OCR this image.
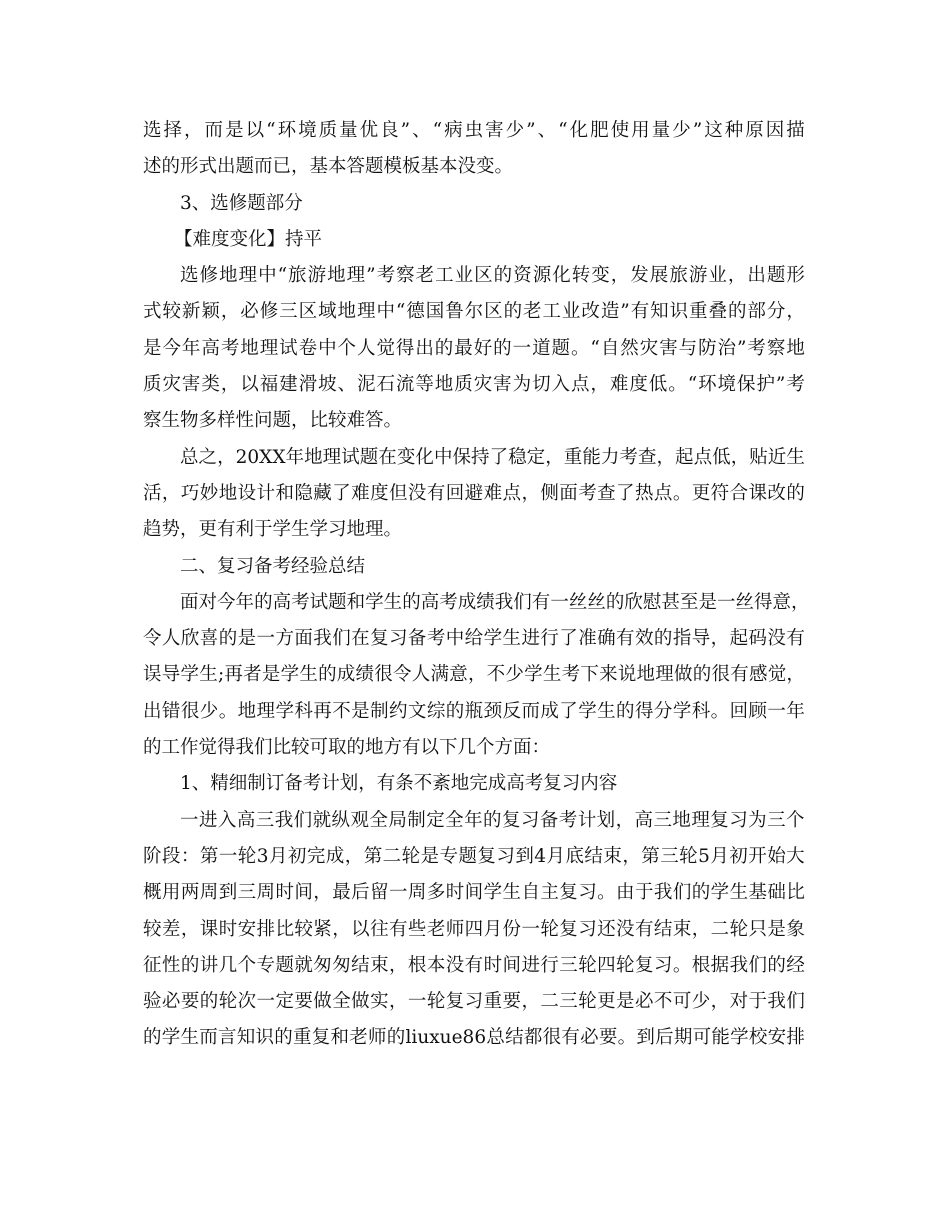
选 择 ， 而 是 以 “ 环 境 质 量 优 良 ” 、 “ 病 虫 害 少 ” 、 “ 化 肥 使 用 量 少 ” 这 种 原 因 描
述的形式出题而已，基本答题模板基本没变。
3、选修题部分
【难度变化】持平
选 修 地 理 中 “ 旅 游 地 理 ” 考 察 老 工 业 区 的 资 源 化 转 变 ， 发 展 旅 游 业 ， 出 题 形
式 较 新 颖 ， 必 修 三 区 域 地 理 中 “ 德 国 鲁 尔 区 的 老 工 业 改 造 ” 有 知 识 重 叠 的 部 分 ，
是 今 年 高 考 地 理 试 卷 中 个 人 觉 得 出 的 最 好 的 一 道 题 。 “ 自 然 灾 害 与 防 治 ” 考 察 地
质 灾 害 类 ， 以 福 建 滑 坡 、 泥 石 流 等 地 质 灾 害 为 切 入 点 ， 难 度 低 。 “ 环 境 保 护 ” 考
察生物多样性问题，比较难答。
总 之 ， 20XX 年 地 理 试 题 在 变 化 中 保 持 了 稳 定 ， 重 能 力 考 查 ， 起 点 低 ， 贴 近 生
活 ， 巧 妙 地 设 计 和 隐 藏 了 难 度 但 没 有 回 避 难 点 ， 侧 面 考 查 了 热 点 。 更 符 合 课 改 的
趋势，更有利于学生学习地理。
二、复习备考经验总结
面 对 今 年 的 高 考 试 题 和 学 生 的 高 考 成 绩 我 们 有 一 丝 丝 的 欣 慰 甚 至 是 一 丝 得 意 ，
令 人 欣 喜 的 是 一 方 面 我 们 在 复 习 备 考 中 给 学 生 进 行 了 准 确 有 效 的 指 导 ， 起 码 没 有
误 导 学 生 ; 再 者 是 学 生 的 成 绩 很 令 人 满 意 ， 不 少 学 生 考 下 来 说 地 理 做 的 很 有 感 觉 ，
出 错 很 少 。 地 理 学 科 再 不 是 制 约 文 综 的 瓶 颈 反 而 成 了 学 生 的 得 分 学 科 。 回 顾 一 年
的工作觉得我们比较可取的地方有以下几个方面：
1、精细制订备考计划，有条不紊地完成高考复习内容
一 进 入 高 三 我 们 就 纵 观 全 局 制 定 全 年 的 复 习 备 考 计 划 ， 高 三 地 理 复 习 为 三 个
阶 段 ： 第 一 轮 3 月 初 完 成 ， 第 二 轮 是 专 题 复 习 到 4 月 底 结 束 ， 第 三 轮 5 月 初 开 始 大
概 用 两 周 到 三 周 时 间 ， 最 后 留 一 周 多 时 间 学 生 自 主 复 习 。 由 于 我 们 的 学 生 基 础 比
较 差 ， 课 时 安 排 比 较 紧 ， 以 往 有 些 老 师 四 月 份 一 轮 复 习 还 没 有 结 束 ， 二 轮 只 是 象
征 性 的 讲 几 个 专 题 就 匆 匆 结 束 ， 根 本 没 有 时 间 进 行 三 轮 四 轮 复 习 。 根 据 我 们 的 经
验 必 要 的 轮 次 一 定 要 做 全 做 实 ， 一 轮 复 习 重 要 ， 二 三 轮 更 是 必 不 可 少 ， 对 于 我 们
的 学 生 而 言 知 识 的 重 复 和 老 师 的 liuxue86 总 结 都 很 有 必 要 。 到 后 期 可 能 学 校 安 排
